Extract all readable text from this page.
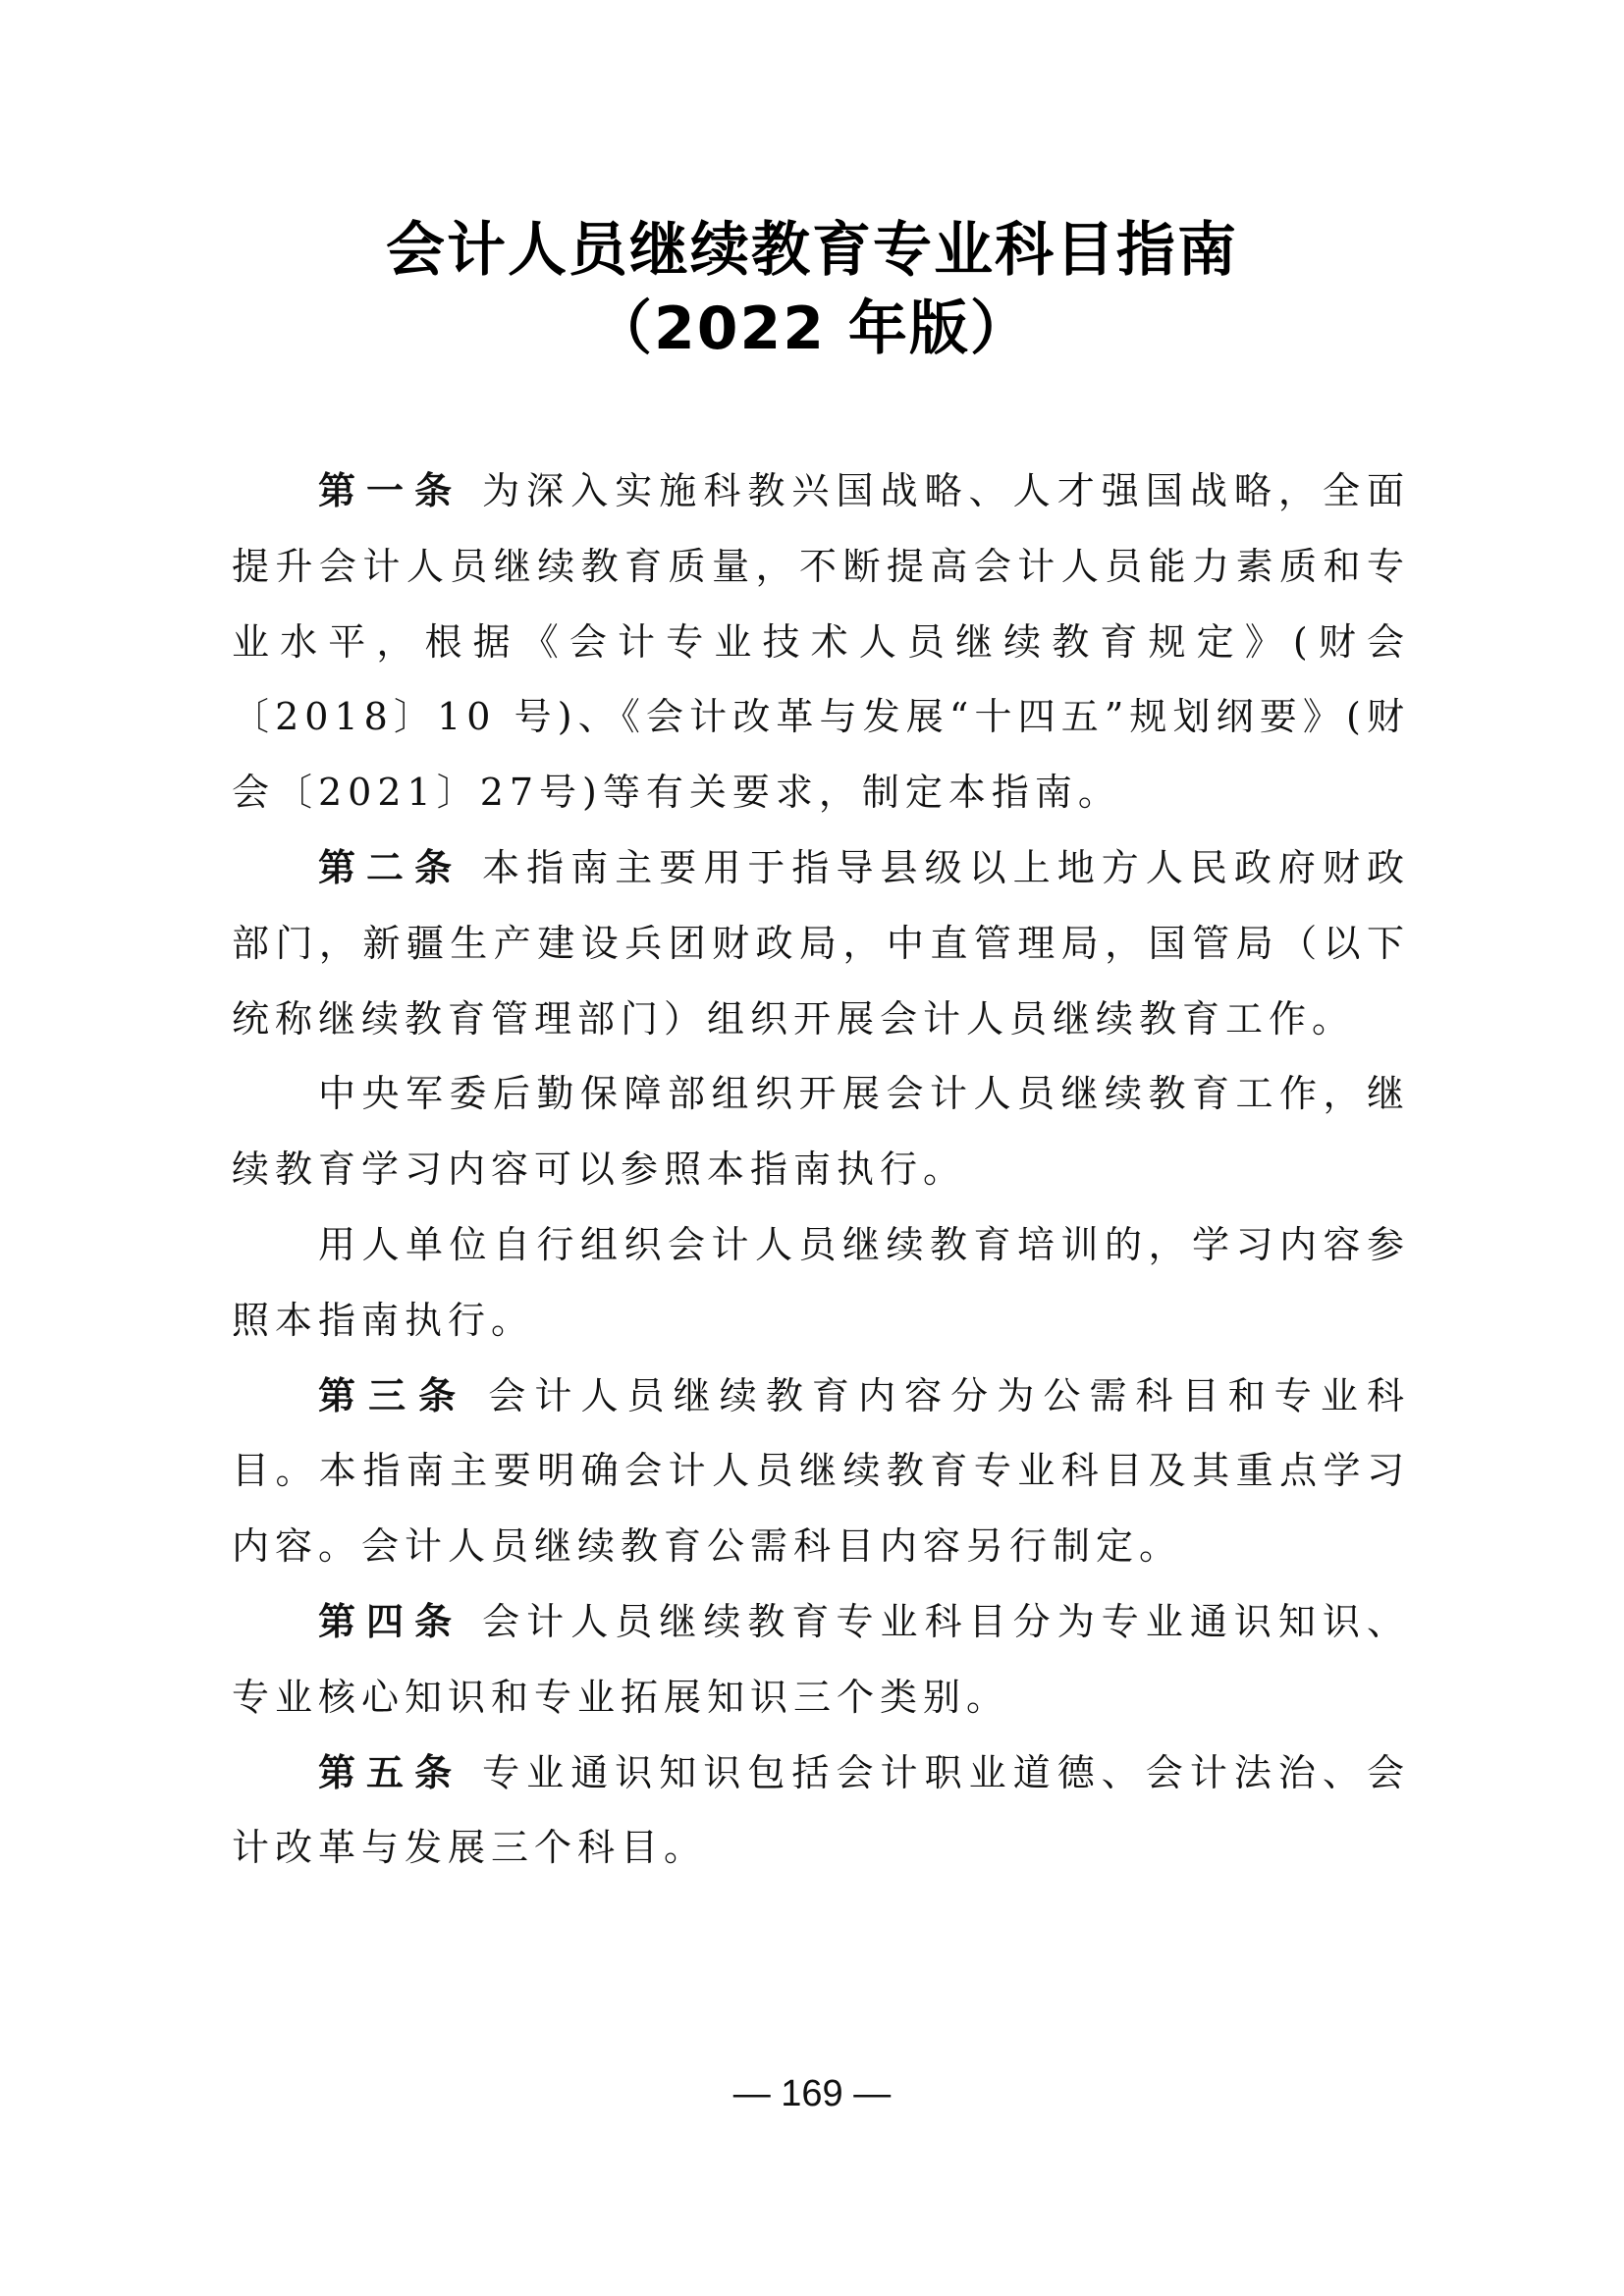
会计人员继续教育专业科目指南
（2022 年版）

第一条 为深入实施科教兴国战略、人才强国战略，全面提升会计人员继续教育质量，不断提高会计人员能力素质和专业水平，根据《会计专业技术人员继续教育规定》(财会〔2018〕10 号)、《会计改革与发展“十四五”规划纲要》(财会〔2021〕27号)等有关要求，制定本指南。

第二条 本指南主要用于指导县级以上地方人民政府财政部门，新疆生产建设兵团财政局，中直管理局，国管局（以下统称继续教育管理部门）组织开展会计人员继续教育工作。

中央军委后勤保障部组织开展会计人员继续教育工作，继续教育学习内容可以参照本指南执行。

用人单位自行组织会计人员继续教育培训的，学习内容参照本指南执行。

第三条 会计人员继续教育内容分为公需科目和专业科目。本指南主要明确会计人员继续教育专业科目及其重点学习内容。会计人员继续教育公需科目内容另行制定。

第四条 会计人员继续教育专业科目分为专业通识知识、专业核心知识和专业拓展知识三个类别。

第五条 专业通识知识包括会计职业道德、会计法治、会计改革与发展三个科目。

— 169 —
